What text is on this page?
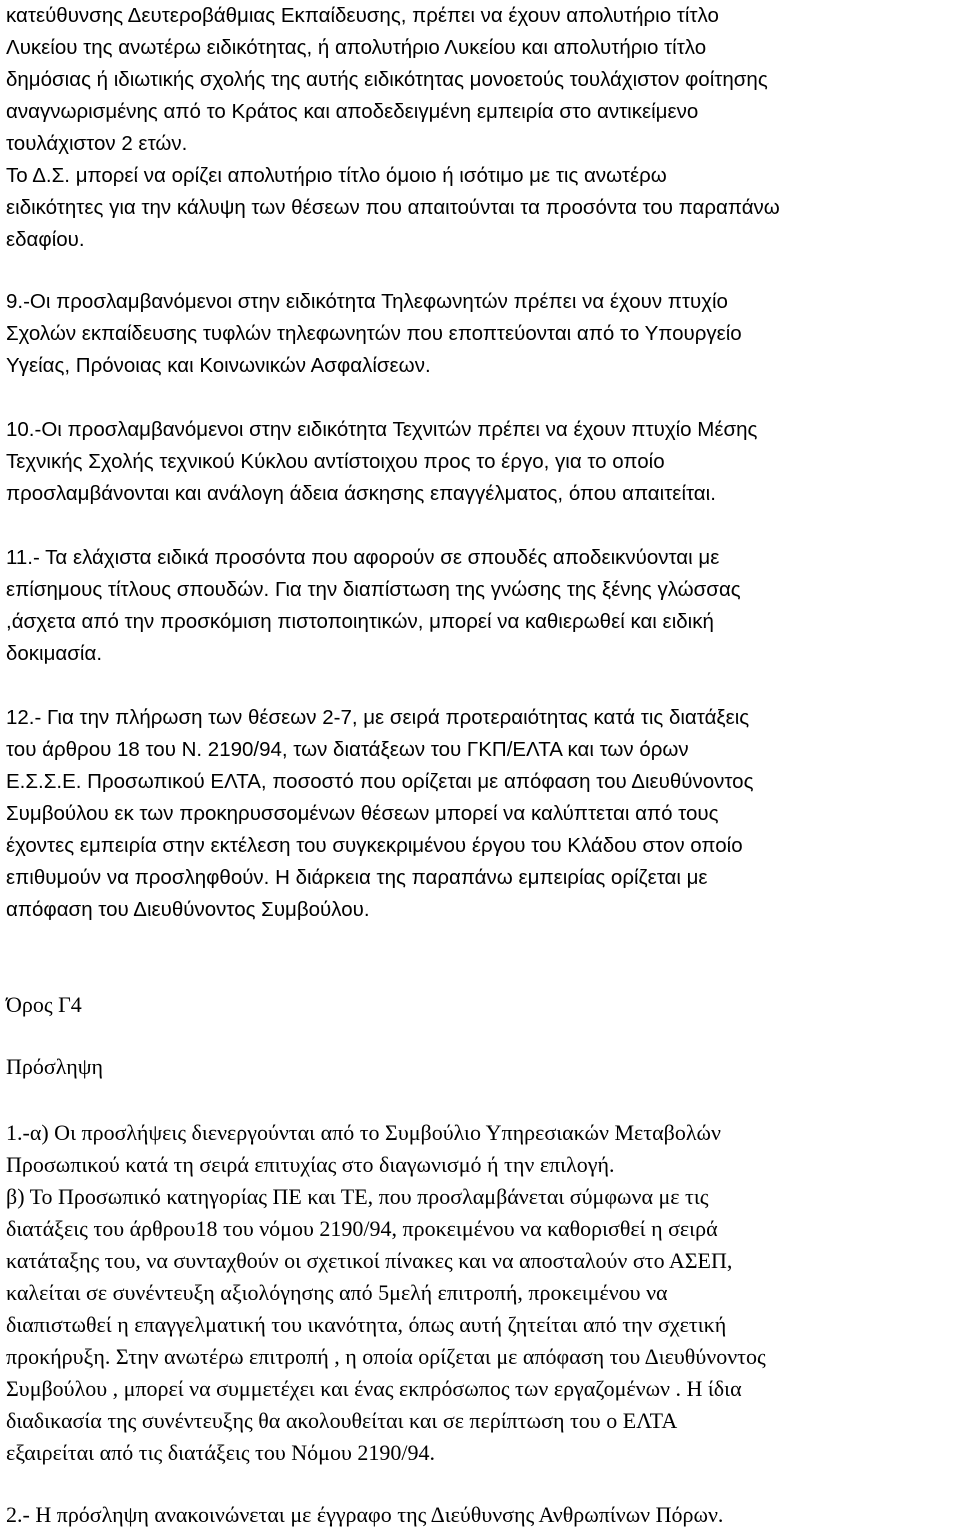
κατεύθυνσης Δευτεροβάθμιας Εκπαίδευσης, πρέπει να έχουν απολυτήριο τίτλο
Λυκείου της ανωτέρω ειδικότητας, ή απολυτήριο Λυκείου και απολυτήριο τίτλο
δημόσιας ή ιδιωτικής σχολής της αυτής ειδικότητας μονοετούς τουλάχιστον φοίτησης
αναγνωρισμένης από το Κράτος και αποδεδειγμένη εμπειρία στο αντικείμενο
τουλάχιστον 2 ετών.
Το Δ.Σ. μπορεί να ορίζει απολυτήριο τίτλο όμοιο ή ισότιμο με τις ανωτέρω
ειδικότητες για την κάλυψη των θέσεων που απαιτούνται τα προσόντα του παραπάνω
εδαφίου.
9.-Οι προσλαμβανόμενοι στην ειδικότητα Τηλεφωνητών πρέπει να έχουν πτυχίο
Σχολών εκπαίδευσης τυφλών τηλεφωνητών που εποπτεύονται από το Υπουργείο
Υγείας, Πρόνοιας και Κοινωνικών Ασφαλίσεων.
10.-Οι προσλαμβανόμενοι στην ειδικότητα Τεχνιτών πρέπει να έχουν πτυχίο Μέσης
Τεχνικής Σχολής τεχνικού Κύκλου αντίστοιχου προς το έργο, για το οποίο
προσλαμβάνονται και ανάλογη άδεια άσκησης επαγγέλματος, όπου απαιτείται.
11.- Τα ελάχιστα ειδικά προσόντα που αφορούν σε σπουδές αποδεικνύονται με
επίσημους τίτλους σπουδών. Για την διαπίστωση της γνώσης της ξένης γλώσσας
,άσχετα από την προσκόμιση πιστοποιητικών, μπορεί να καθιερωθεί και ειδική
δοκιμασία.
12.- Για την πλήρωση των θέσεων 2-7, με σειρά προτεραιότητας κατά τις διατάξεις
του άρθρου 18 του Ν. 2190/94, των διατάξεων του ΓΚΠ/ΕΛΤΑ και των όρων
Ε.Σ.Σ.Ε. Προσωπικού ΕΛΤΑ, ποσοστό που ορίζεται με απόφαση του Διευθύνοντος
Συμβούλου εκ των προκηρυσσομένων θέσεων μπορεί να καλύπτεται από τους
έχοντες εμπειρία στην εκτέλεση του συγκεκριμένου έργου του Κλάδου στον οποίο
επιθυμούν να προσληφθούν. Η διάρκεια της παραπάνω εμπειρίας ορίζεται με
απόφαση του Διευθύνοντος Συμβούλου.
Όρος Γ4
Πρόσληψη
1.-α) Οι προσλήψεις διενεργούνται από το Συμβούλιο Υπηρεσιακών Μεταβολών
Προσωπικού κατά τη σειρά επιτυχίας στο διαγωνισμό ή την επιλογή.
β) Το Προσωπικό κατηγορίας ΠΕ και ΤΕ, που προσλαμβάνεται σύμφωνα με τις
διατάξεις του άρθρου18 του νόμου 2190/94, προκειμένου να καθορισθεί η σειρά
κατάταξης του, να συνταχθούν οι σχετικοί πίνακες και να αποσταλούν στο ΑΣΕΠ,
καλείται σε συνέντευξη αξιολόγησης από 5μελή επιτροπή, προκειμένου να
διαπιστωθεί η επαγγελματική του ικανότητα, όπως αυτή ζητείται από την σχετική
προκήρυξη. Στην ανωτέρω επιτροπή , η οποία ορίζεται με απόφαση του Διευθύνοντος
Συμβούλου , μπορεί να συμμετέχει και ένας εκπρόσωπος των εργαζομένων . Η ίδια
διαδικασία της συνέντευξης θα ακολουθείται και σε περίπτωση του ο ΕΛΤΑ
εξαιρείται από τις διατάξεις του Νόμου 2190/94.
2.- Η πρόσληψη ανακοινώνεται με έγγραφο της Διεύθυνσης Ανθρωπίνων Πόρων.
